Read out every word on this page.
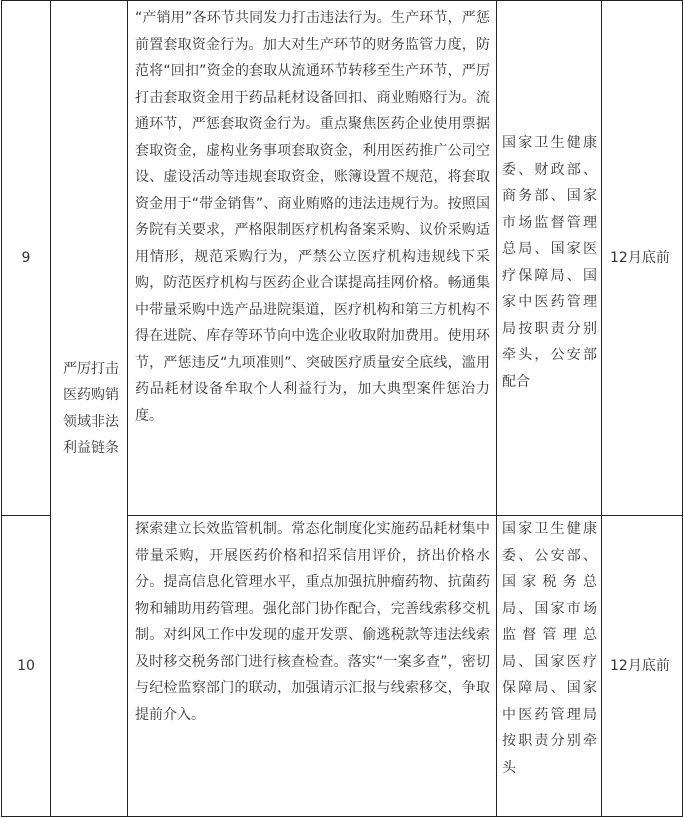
9	严厉打击医药购销领域非法利益链条	“产销用”各环节共同发力打击违法行为。生产环节，严惩前置套取资金行为。加大对生产环节的财务监管力度，防范将“回扣”资金的套取从流通环节转移至生产环节，严厉打击套取资金用于药品耗材设备回扣、商业贿赂行为。流通环节，严惩套取资金行为。重点聚焦医药企业使用票据套取资金，虚构业务事项套取资金，利用医药推广公司空设、虚设活动等违规套取资金，账簿设置不规范，将套取资金用于“带金销售”、商业贿赂的违法违规行为。按照国务院有关要求，严格限制医疗机构备案采购、议价采购适用情形，规范采购行为，严禁公立医疗机构违规线下采购，防范医疗机构与医药企业合谋提高挂网价格。畅通集中带量采购中选产品进院渠道，医疗机构和第三方机构不得在进院、库存等环节向中选企业收取附加费用。使用环节，严惩违反“九项准则”、突破医疗质量安全底线，滥用药品耗材设备牟取个人利益行为，加大典型案件惩治力度。	国家卫生健康委、财政部、商务部、国家市场监督管理总局、国家医疗保障局、国家中医药管理局按职责分别牵头，公安部配合	12月底前

10		探索建立长效监管机制。常态化制度化实施药品耗材集中带量采购，开展医药价格和招采信用评价，挤出价格水分。提高信息化管理水平，重点加强抗肿瘤药物、抗菌药物和辅助用药管理。强化部门协作配合，完善线索移交机制。对纠风工作中发现的虚开发票、偷逃税款等违法线索及时移交税务部门进行核查检查。落实“一案多查”，密切与纪检监察部门的联动，加强请示汇报与线索移交，争取提前介入。	国家卫生健康委、公安部、国家税务总局、国家市场监督管理总局、国家医疗保障局、国家中医药管理局按职责分别牵头	12月底前
